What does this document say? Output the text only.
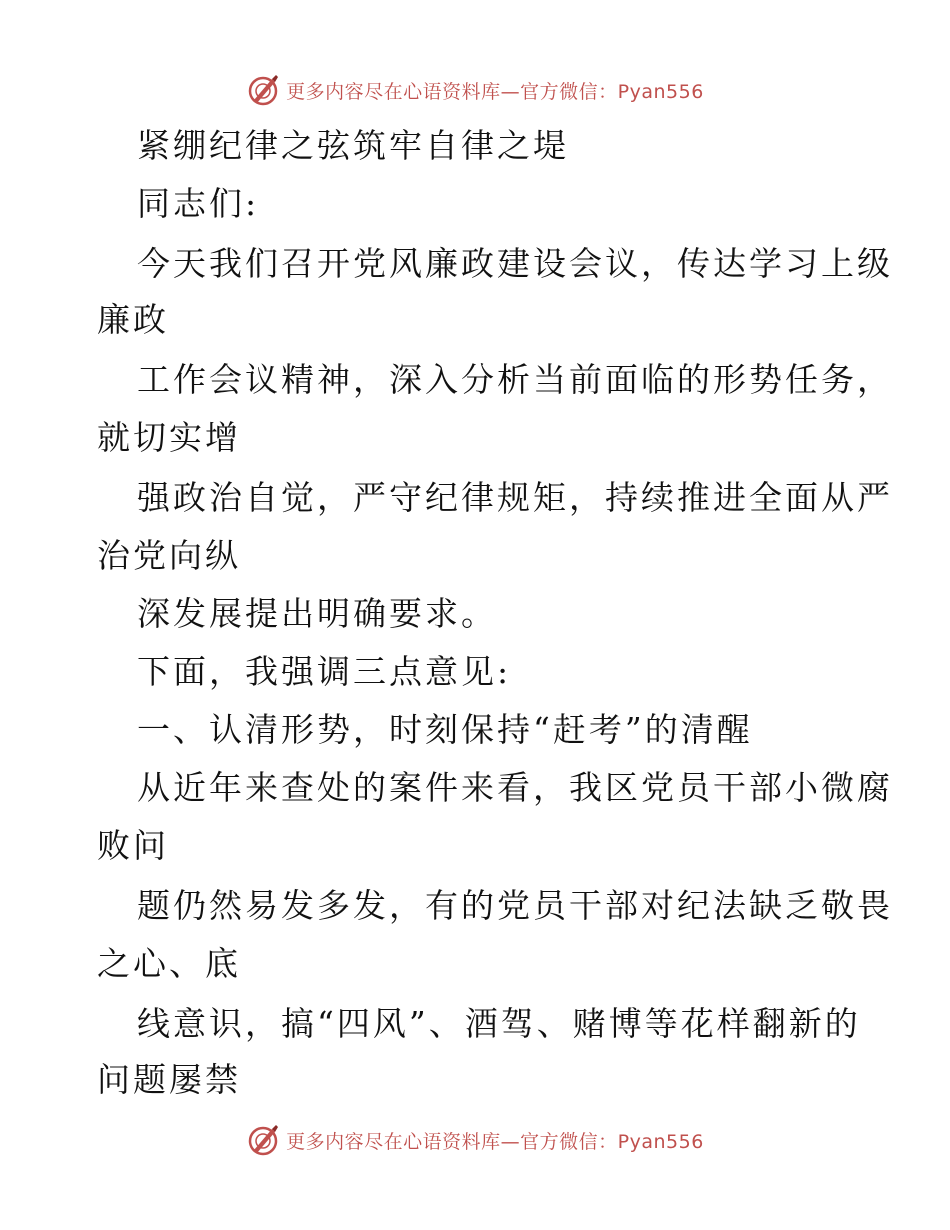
更多内容尽在心语资料库—官方微信：Pyan556
紧绷纪律之弦筑牢自律之堤
同志们:
今天我们召开党风廉政建设会议，传达学习上级
廉政
工作会议精神，深入分析当前面临的形势任务，
就切实增
强政治自觉，严守纪律规矩，持续推进全面从严
治党向纵
深发展提出明确要求。
下面，我强调三点意见:
一、认清形势，时刻保持“赶考”的清醒
从近年来查处的案件来看，我区党员干部小微腐
败问
题仍然易发多发，有的党员干部对纪法缺乏敬畏
之心、底
线意识，搞“四风”、酒驾、赌博等花样翻新的
问题屡禁
更多内容尽在心语资料库—官方微信：Pyan556
